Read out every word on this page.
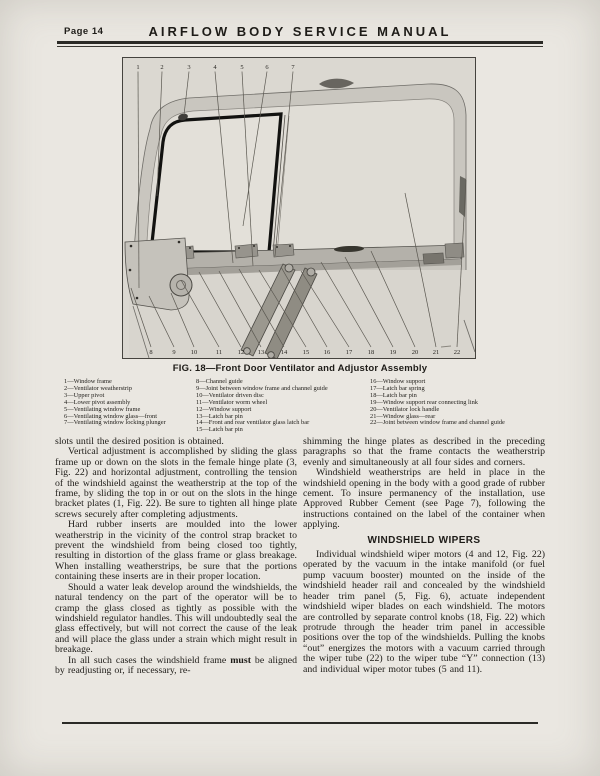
Page 14	AIRFLOW BODY SERVICE MANUAL
1	2	3	4	5	6	7
8	9 10	11 12 13	14 15 16 17 18 19 20 21 22
FIG. 18—Front Door Ventilator and Adjustor Assembly
1—Window frame
2—Ventilator weatherstrip
3—Upper pivot
4—Lower pivot assembly
5—Ventilating window frame
6—Ventilating window glass—front
7—Ventilating window locking plunger
8—Channel guide
9—Joint between window frame and channel guide
10—Ventilator driven disc
11—Ventilator worm wheel
12—Window support
13—Latch bar pin
14—Front and rear ventilator glass latch bar
15—Latch bar pin
16—Window support
17—Latch bar spring
18—Latch bar pin
19—Window support rear connecting link
20—Ventilator lock handle
21—Window glass—rear
22—Joint between window frame and channel guide

slots until the desired position is obtained.

Vertical adjustment is accomplished by sliding the glass frame up or down on the slots in the female hinge plate (3, Fig. 22) and horizontal adjustment, controlling the tension of the windshield against the weatherstrip at the top of the frame, by sliding the top in or out on the slots in the hinge bracket plates (1, Fig. 22). Be sure to tighten all hinge plate screws securely after completing adjustments.

Hard rubber inserts are moulded into the lower weatherstrip in the vicinity of the control strap bracket to prevent the windshield from being closed too tightly, resulting in distortion of the glass frame or glass breakage. When installing weatherstrips, be sure that the portions containing these inserts are in their proper location.

Should a water leak develop around the windshields, the natural tendency on the part of the operator will be to cramp the glass closed as tightly as possible with the windshield regulator handles. This will undoubtedly seal the glass effectively, but will not correct the cause of the leak and will place the glass under a strain which might result in breakage.

In all such cases the windshield frame must be aligned by readjusting or, if necessary, re-

shimming the hinge plates as described in the preceding paragraphs so that the frame contacts the weatherstrip evenly and simultaneously at all four sides and corners.

Windshield weatherstrips are held in place in the windshield opening in the body with a good grade of rubber cement. To insure permanency of the installation, use Approved Rubber Cement (see Page 7), following the instructions contained on the label of the container when applying.

WINDSHIELD WIPERS

Individual windshield wiper motors (4 and 12, Fig. 22) operated by the vacuum in the intake manifold (or fuel pump vacuum booster) mounted on the inside of the windshield header rail and concealed by the windshield header trim panel (5, Fig. 6), actuate independent windshield wiper blades on each windshield. The motors are controlled by separate control knobs (18, Fig. 22) which protrude through the header trim panel in accessible positions over the top of the windshields. Pulling the knobs “out” energizes the motors with a vacuum carried through the wiper tube (22) to the wiper tube “Y” connection (13) and individual wiper motor tubes (5 and 11).
